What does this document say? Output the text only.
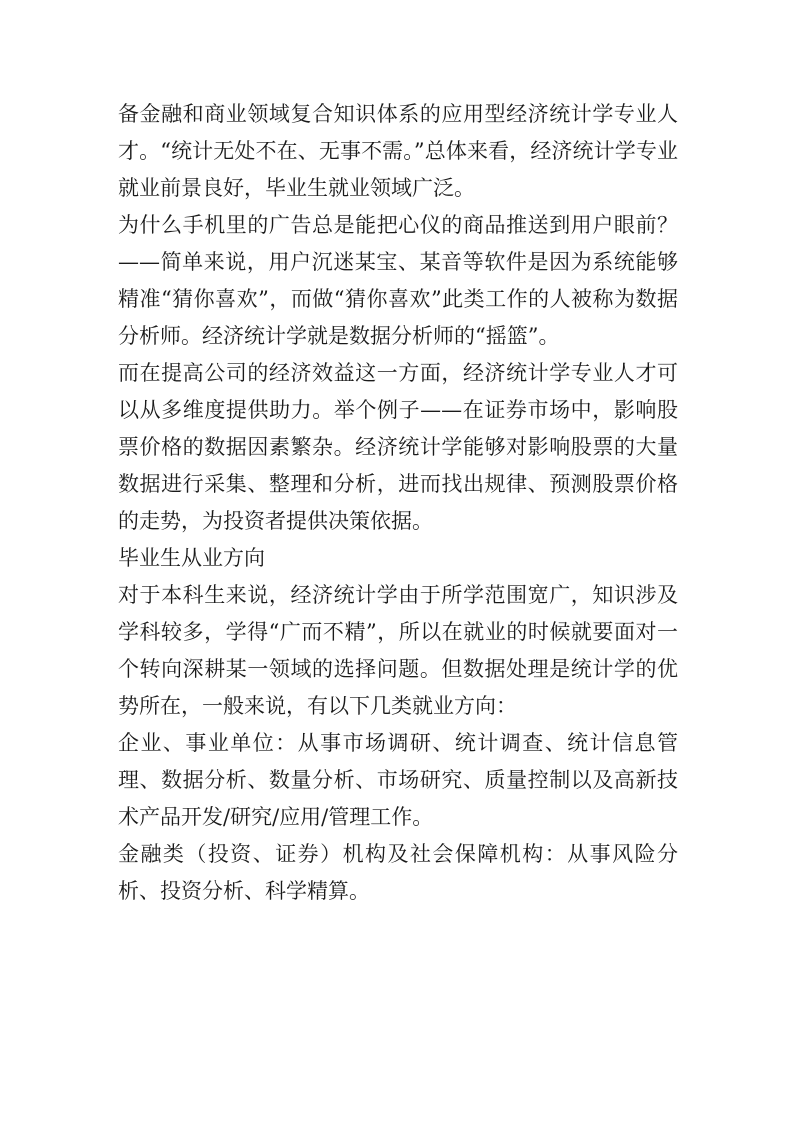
备金融和商业领域复合知识体系的应用型经济统计学专业人才。“统计无处不在、无事不需。”总体来看，经济统计学专业就业前景良好，毕业生就业领域广泛。

为什么手机里的广告总是能把心仪的商品推送到用户眼前？——简单来说，用户沉迷某宝、某音等软件是因为系统能够精准“猜你喜欢”，而做“猜你喜欢”此类工作的人被称为数据分析师。经济统计学就是数据分析师的“摇篮”。

而在提高公司的经济效益这一方面，经济统计学专业人才可以从多维度提供助力。举个例子——在证券市场中，影响股票价格的数据因素繁杂。经济统计学能够对影响股票的大量数据进行采集、整理和分析，进而找出规律、预测股票价格的走势，为投资者提供决策依据。

毕业生从业方向

对于本科生来说，经济统计学由于所学范围宽广，知识涉及学科较多，学得“广而不精”，所以在就业的时候就要面对一个转向深耕某一领域的选择问题。但数据处理是统计学的优势所在，一般来说，有以下几类就业方向：

企业、事业单位：从事市场调研、统计调查、统计信息管理、数据分析、数量分析、市场研究、质量控制以及高新技术产品开发/研究/应用/管理工作。

金融类（投资、证券）机构及社会保障机构：从事风险分析、投资分析、科学精算。
